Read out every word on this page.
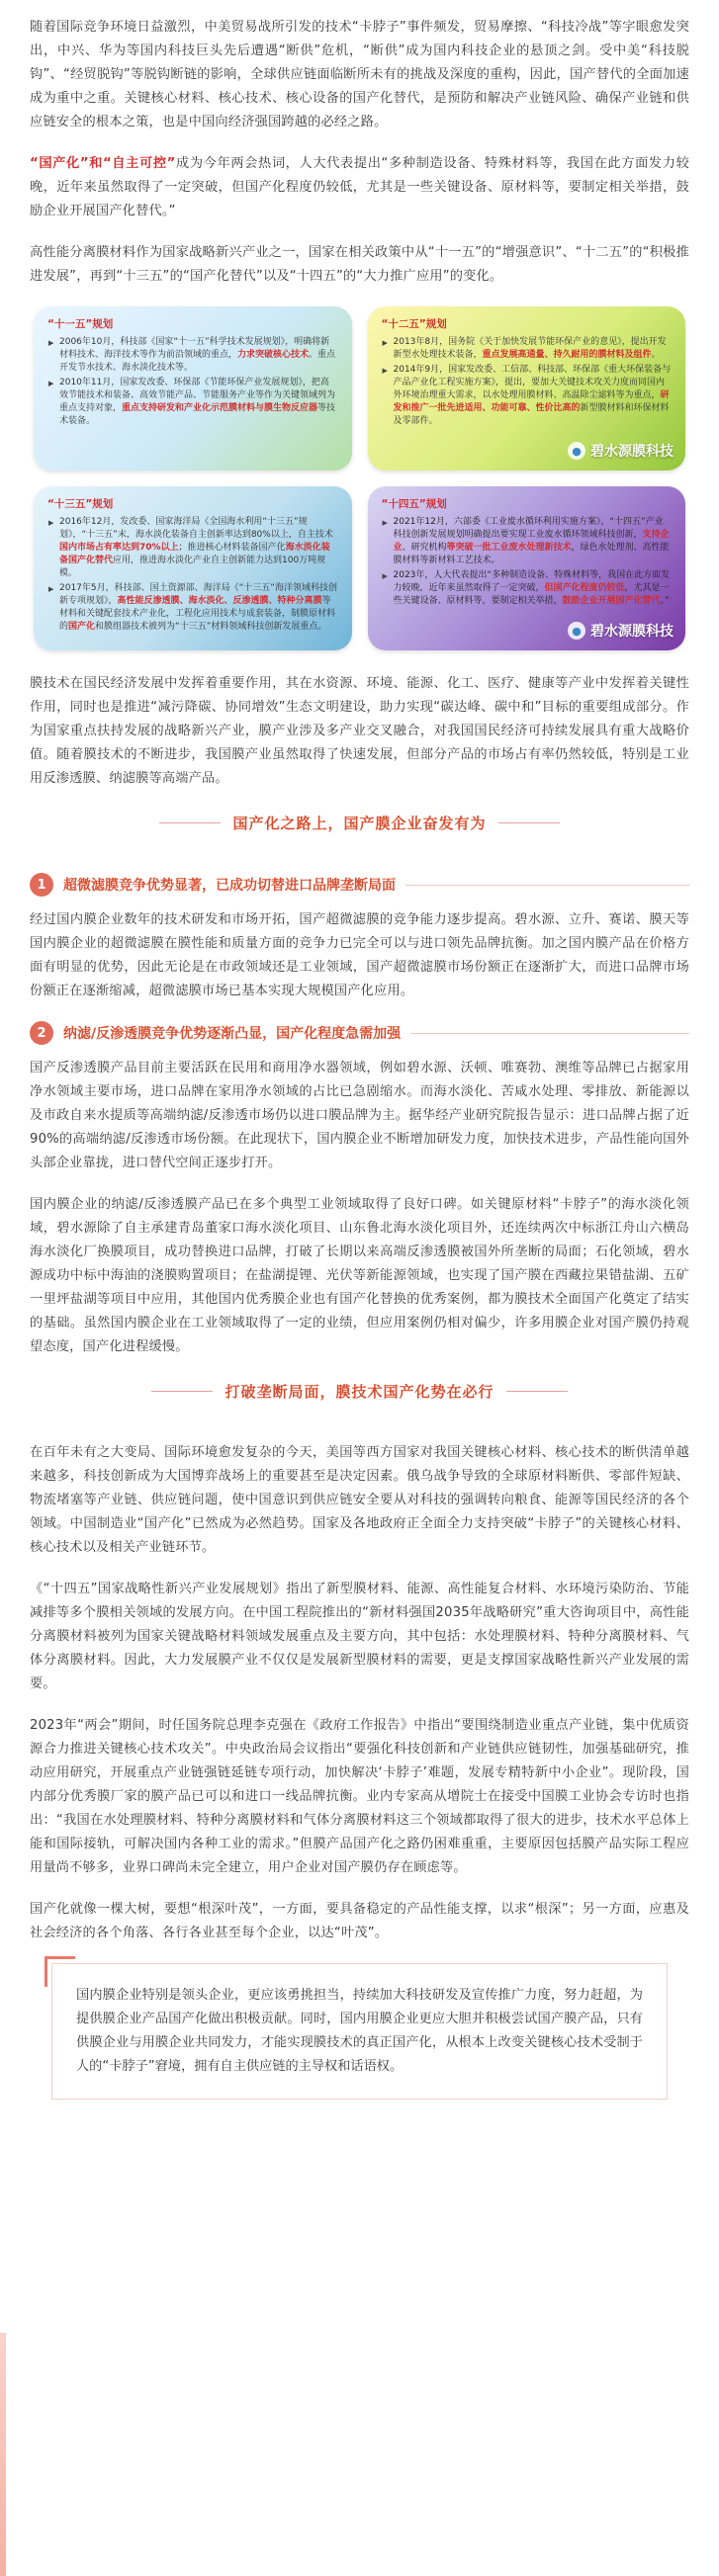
随着国际竞争环境日益激烈，中美贸易战所引发的技术“卡脖子”事件频发，贸易摩擦、“科技冷战”等字眼愈发突出，中兴、华为等国内科技巨头先后遭遇“断供”危机，“断供”成为国内科技企业的悬顶之剑。受中美“科技脱钩”、“经贸脱钩”等脱钩断链的影响，全球供应链面临断所未有的挑战及深度的重构，因此，国产替代的全面加速成为重中之重。关键核心材料、核心技术、核心设备的国产化替代，是预防和解决产业链风险、确保产业链和供应链安全的根本之策，也是中国向经济强国跨越的必经之路。

“国产化”和“自主可控”成为今年两会热词，人大代表提出“多种制造设备、特殊材料等，我国在此方面发力较晚，近年来虽然取得了一定突破，但国产化程度仍较低，尤其是一些关键设备、原材料等，要制定相关举措，鼓励企业开展国产化替代。”

高性能分离膜材料作为国家战略新兴产业之一，国家在相关政策中从“十一五”的“增强意识”、“十二五”的“积极推进发展”，再到“十三五”的“国产化替代”以及“十四五”的“大力推广应用”的变化。

“十一五”规划
▶ 2006年10月，科技部《国家“十一五”科学技术发展规划》，明确将新材料技术、海洋技术等作为前沿领域的重点，力求突破核心技术。重点开发节水技术、海水淡化技术等。
▶ 2010年11月，国家发改委、环保部《节能环保产业发展规划》，把高效节能技术和装备、高效节能产品、节能服务产业等作为关键领域列为重点支持对象，重点支持研发和产业化示范膜材料与膜生物反应器等技术装备。
“十二五”规划
▶ 2013年8月，国务院《关于加快发展节能环保产业的意见》，提出开发新型水处理技术装备，重点发展高通量、持久耐用的膜材料及组件。
▶ 2014年9月，国家发改委、工信部、科技部、环保部《重大环保装备与产品产业化工程实施方案》，提出，要加大关键技术攻关力度而同国内外环境治理重大需求，以水处理用膜材料、高温除尘滤料等为重点，研发和推广一批先进适用、功能可靠、性价比高的新型膜材料和环保材料及零部件。
● 碧水源膜科技
“十三五”规划
▶ 2016年12月，发改委、国家海洋局《全国海水利用“十三五”规划》，“十三五”末，海水淡化装备自主创新率达到80%以上，自主技术国内市场占有率达到70%以上；推进核心材料装备国产化海水淡化装备国产化替代应用，推进海水淡化产业自主创新能力达到100万吨规模。
▶ 2017年5月，科技部、国土资源部、海洋局《“十三五”海洋领域科技创新专项规划》，高性能反渗透膜、海水淡化、反渗透膜、特种分离膜等材料和关键配套技术产业化，工程化应用技术与成套装备，制膜原材料的国产化和膜组器技术被列为“十三五”材料领域科技创新发展重点。
“十四五”规划
▶ 2021年12月，六部委《工业废水循环利用实施方案》，“十四五”产业科技创新发展规划明确提出要实现工业废水循环领域科技创新，支持企业、研究机构等突破一批工业废水处理新技术，绿色水处理剂、高性能膜材料等新材料工艺技术。
▶ 2023年，人大代表提出“多种制造设备、特殊材料等，我国在此方面发力较晚，近年来虽然取得了一定突破，但国产化程度仍较低，尤其是一些关键设备、原材料等，要制定相关举措，鼓励企业开展国产化替代。”
● 碧水源膜科技

膜技术在国民经济发展中发挥着重要作用，其在水资源、环境、能源、化工、医疗、健康等产业中发挥着关键性作用，同时也是推进“减污降碳、协同增效”生态文明建设，助力实现“碳达峰、碳中和”目标的重要组成部分。作为国家重点扶持发展的战略新兴产业，膜产业涉及多产业交叉融合，对我国国民经济可持续发展具有重大战略价值。随着膜技术的不断进步，我国膜产业虽然取得了快速发展，但部分产品的市场占有率仍然较低，特别是工业用反渗透膜、纳滤膜等高端产品。

国产化之路上，国产膜企业奋发有为
1	超微滤膜竞争优势显著，已成功切替进口品牌垄断局面

经过国内膜企业数年的技术研发和市场开拓，国产超微滤膜的竞争能力逐步提高。碧水源、立升、赛诺、膜天等国内膜企业的超微滤膜在膜性能和质量方面的竞争力已完全可以与进口领先品牌抗衡。加之国内膜产品在价格方面有明显的优势，因此无论是在市政领域还是工业领域，国产超微滤膜市场份额正在逐渐扩大，而进口品牌市场份额正在逐渐缩减，超微滤膜市场已基本实现大规模国产化应用。

2	纳滤/反渗透膜竞争优势逐渐凸显，国产化程度急需加强

国产反渗透膜产品目前主要活跃在民用和商用净水器领域，例如碧水源、沃顿、唯赛勃、澳维等品牌已占据家用净水领域主要市场，进口品牌在家用净水领域的占比已急剧缩水。而海水淡化、苦咸水处理、零排放、新能源以及市政自来水提质等高端纳滤/反渗透市场仍以进口膜品牌为主。据华经产业研究院报告显示：进口品牌占据了近90%的高端纳滤/反渗透市场份额。在此现状下，国内膜企业不断增加研发力度，加快技术进步，产品性能向国外头部企业靠拢，进口替代空间正逐步打开。

国内膜企业的纳滤/反渗透膜产品已在多个典型工业领域取得了良好口碑。如关键原材料“卡脖子”的海水淡化领域，碧水源除了自主承建青岛董家口海水淡化项目、山东鲁北海水淡化项目外，还连续两次中标浙江舟山六横岛海水淡化厂换膜项目，成功替换进口品牌，打破了长期以来高端反渗透膜被国外所垄断的局面；石化领域，碧水源成功中标中海油的浇膜购置项目；在盐湖提锂、光伏等新能源领域，也实现了国产膜在西藏拉果错盐湖、五矿一里坪盐湖等项目中应用，其他国内优秀膜企业也有国产化替换的优秀案例，都为膜技术全面国产化奠定了结实的基础。虽然国内膜企业在工业领域取得了一定的业绩，但应用案例仍相对偏少，许多用膜企业对国产膜仍持观望态度，国产化进程缓慢。

打破垄断局面，膜技术国产化势在必行

在百年未有之大变局、国际环境愈发复杂的今天，美国等西方国家对我国关键核心材料、核心技术的断供清单越来越多，科技创新成为大国博弈战场上的重要甚至是决定因素。俄乌战争导致的全球原材料断供、零部件短缺、物流堵塞等产业链、供应链问题，使中国意识到供应链安全要从对科技的强调转向粮食、能源等国民经济的各个领域。中国制造业“国产化”已然成为必然趋势。国家及各地政府正全面全力支持突破“卡脖子”的关键核心材料、核心技术以及相关产业链环节。

《“十四五”国家战略性新兴产业发展规划》指出了新型膜材料、能源、高性能复合材料、水环境污染防治、节能减排等多个膜相关领域的发展方向。在中国工程院推出的“新材料强国2035年战略研究”重大咨询项目中，高性能分离膜材料被列为国家关键战略材料领域发展重点及主要方向，其中包括：水处理膜材料、特种分离膜材料、气体分离膜材料。因此，大力发展膜产业不仅仅是发展新型膜材料的需要，更是支撑国家战略性新兴产业发展的需要。

2023年“两会”期间，时任国务院总理李克强在《政府工作报告》中指出“要围绕制造业重点产业链，集中优质资源合力推进关键核心技术攻关”。中央政治局会议指出“要强化科技创新和产业链供应链韧性，加强基础研究，推动应用研究，开展重点产业链强链延链专项行动，加快解决‘卡脖子’难题，发展专精特新中小企业”。现阶段，国内部分优秀膜厂家的膜产品已可以和进口一线品牌抗衡。业内专家高从增院士在接受中国膜工业协会专访时也指出：“我国在水处理膜材料、特种分离膜材料和气体分离膜材料这三个领域都取得了很大的进步，技术水平总体上能和国际接轨，可解决国内各种工业的需求。”但膜产品国产化之路仍困难重重，主要原因包括膜产品实际工程应用量尚不够多，业界口碑尚未完全建立，用户企业对国产膜仍存在顾虑等。

国产化就像一棵大树，要想“根深叶茂”，一方面，要具备稳定的产品性能支撑，以求“根深”；另一方面，应惠及社会经济的各个角落、各行各业甚至每个企业，以达“叶茂”。

国内膜企业特别是领头企业，更应该勇挑担当，持续加大科技研发及宣传推广力度，努力赶超，为提供膜企业产品国产化做出积极贡献。同时，国内用膜企业更应大胆并积极尝试国产膜产品，只有供膜企业与用膜企业共同发力，才能实现膜技术的真正国产化，从根本上改变关键核心技术受制于人的“卡脖子”窘境，拥有自主供应链的主导权和话语权。
